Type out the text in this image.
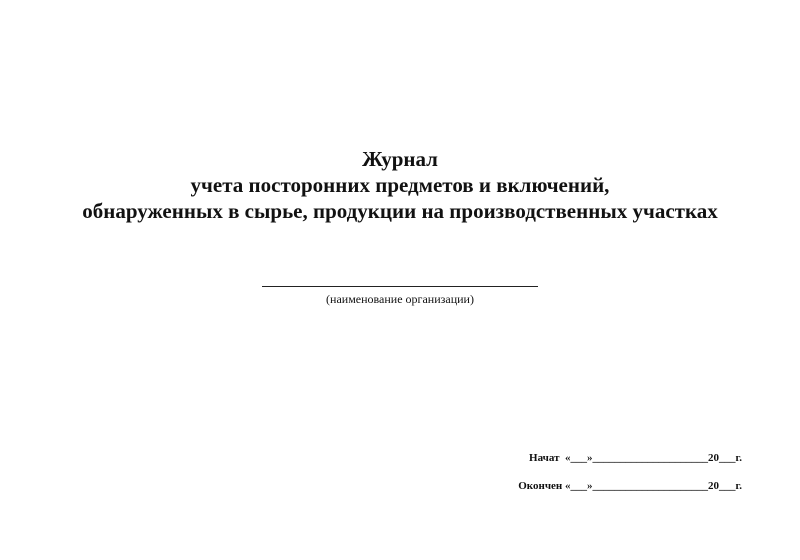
Журнал
учета посторонних предметов и включений,
обнаруженных в сырье, продукции на производственных участках
(наименование организации)
Начат  «___»_____________________20___г.
Окончен «___»_____________________20___г.
